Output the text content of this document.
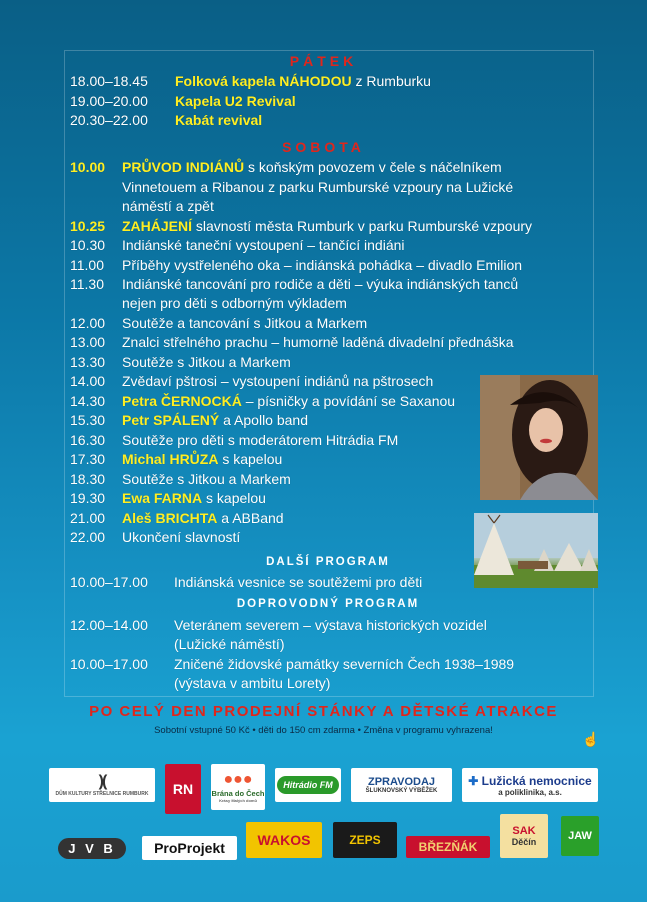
PÁTEK
18.00–18.45 Folková kapela NÁHODOU z Rumburku
19.00–20.00 Kapela U2 Revival
20.30–22.00 Kabát revival
SOBOTA
10.00 PRŮVOD INDIÁNŮ s koňským povozem v čele s náčelníkem
Vinnetouem a Ribanou z parku Rumburské vzpoury na Lužické
náměstí a zpět
10.25 ZAHÁJENÍ slavností města Rumburk v parku Rumburské vzpoury
10.30 Indiánské taneční vystoupení – tančící indiáni
11.00 Příběhy vystřeleného oka – indiánská pohádka – divadlo Emilion
11.30 Indiánské tancování pro rodiče a děti – výuka indiánských tanců
nejen pro děti s odborným výkladem
12.00 Soutěže a tancování s Jitkou a Markem
13.00 Znalci střelného prachu – humorně laděná divadelní přednáška
13.30 Soutěže s Jitkou a Markem
14.00 Zvědaví pštrosi – vystoupení indiánů na pštrosech
14.30 Petra ČERNOCKÁ – písničky a povídání se Saxanou
15.30 Petr SPÁLENÝ a Apollo band
16.30 Soutěže pro děti s moderátorem Hitrádia FM
17.30 Michal HRŮZA s kapelou
18.30 Soutěže s Jitkou a Markem
19.30 Ewa FARNA s kapelou
21.00 Aleš BRICHTA a ABBand
22.00 Ukončení slavností
DALŠÍ PROGRAM
10.00–17.00 Indiánská vesnice se soutěžemi pro děti
DOPROVODNÝ PROGRAM
12.00–14.00 Veteránem severem – výstava historických vozidel
(Lužické náměstí)
10.00–17.00 Zničené židovské památky severních Čech 1938–1989
(výstava v ambitu Lorety)
PO CELÝ DEN PRODEJNÍ STÁNKY A DĚTSKÉ ATRAKCE
Sobotní vstupné 50 Kč • děti do 150 cm zdarma • Změna v programu vyhrazena!
☝
)(
DŮM KULTURY STŘELNICE RUMBURK	RN
●●●
Brána do Čech
Krásy Malých domů
Hitrádio FM	ZPRAVODAJ
ŠLUKNOVSKÝ VÝBĚŽEK
✚ Lužická nemocnice
a poliklinika, a.s.
J V B	ProProjekt	WAKOS	ZEPS	BŘEZŇÁK
SAK
Děčín	JAW
